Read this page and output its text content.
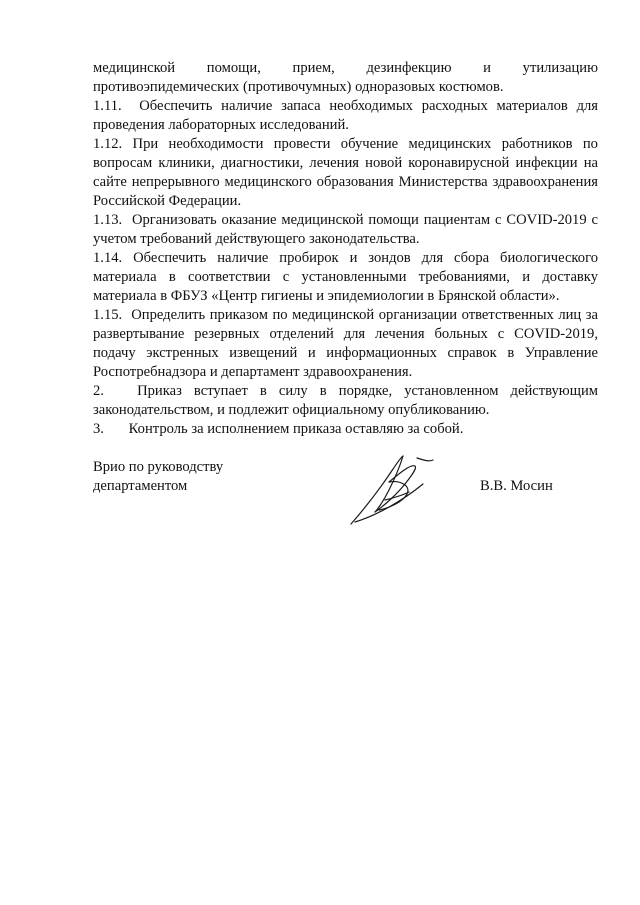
медицинской помощи, прием, дезинфекцию и утилизацию противоэпидемических (противочумных) одноразовых костюмов.

1.11. Обеспечить наличие запаса необходимых расходных материалов для проведения лабораторных исследований.

1.12. При необходимости провести обучение медицинских работников по вопросам клиники, диагностики, лечения новой коронавирусной инфекции на сайте непрерывного медицинского образования Министерства здравоохранения Российской Федерации.

1.13. Организовать оказание медицинской помощи пациентам с COVID-2019 с учетом требований действующего законодательства.

1.14. Обеспечить наличие пробирок и зондов для сбора биологического материала в соответствии с установленными требованиями, и доставку материала в ФБУЗ «Центр гигиены и эпидемиологии в Брянской области».

1.15. Определить приказом по медицинской организации ответственных лиц за развертывание резервных отделений для лечения больных с COVID-2019, подачу экстренных извещений и информационных справок в Управление Роспотребнадзора и департамент здравоохранения.

2. Приказ вступает в силу в порядке, установленном действующим законодательством, и подлежит официальному опубликованию.

3. Контроль за исполнением приказа оставляю за собой.

Врио по руководству
департаментом	В.В. Мосин
